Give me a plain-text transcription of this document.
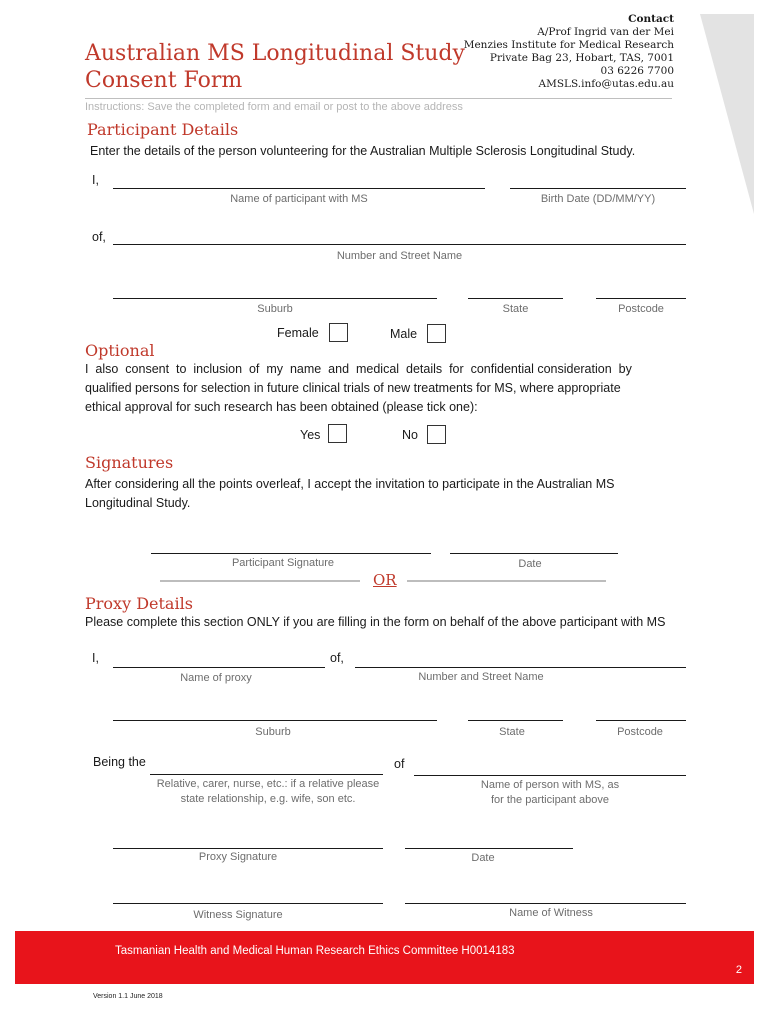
Australian MS Longitudinal Study
Consent Form
Contact
A/Prof Ingrid van der Mei
Menzies Institute for Medical Research
Private Bag 23, Hobart, TAS, 7001
03 6226 7700
AMSLS.info@utas.edu.au
Instructions: Save the completed form and email or post to the above address
Participant Details
Enter the details of the person volunteering for the Australian Multiple Sclerosis Longitudinal Study.
I,
Name of participant with MS	Birth Date (DD/MM/YY)
of,
Number and Street Name
Suburb	State	Postcode
Female	Male
Optional
I  also  consent  to  inclusion  of  my  name  and  medical  details  for  confidential consideration  by
qualified persons for selection in future clinical trials of new treatments for MS, where appropriate
ethical approval for such research has been obtained (please tick one):
Yes	No
Signatures
After considering all the points overleaf, I accept the invitation to participate in the Australian MS
Longitudinal Study.
Participant Signature	Date
OR
Proxy Details
Please complete this section ONLY if you are filling in the form on behalf of the above participant with MS
I,	of,
Name of proxy	Number and Street Name
Suburb	State	Postcode
Being the	of
Relative, carer, nurse, etc.: if a relative please
state relationship, e.g. wife, son etc.
Name of person with MS, as
for the participant above
Proxy Signature	Date
Witness Signature	Name of Witness
Tasmanian Health and Medical Human Research Ethics Committee H0014183
2
Version 1.1 June 2018
